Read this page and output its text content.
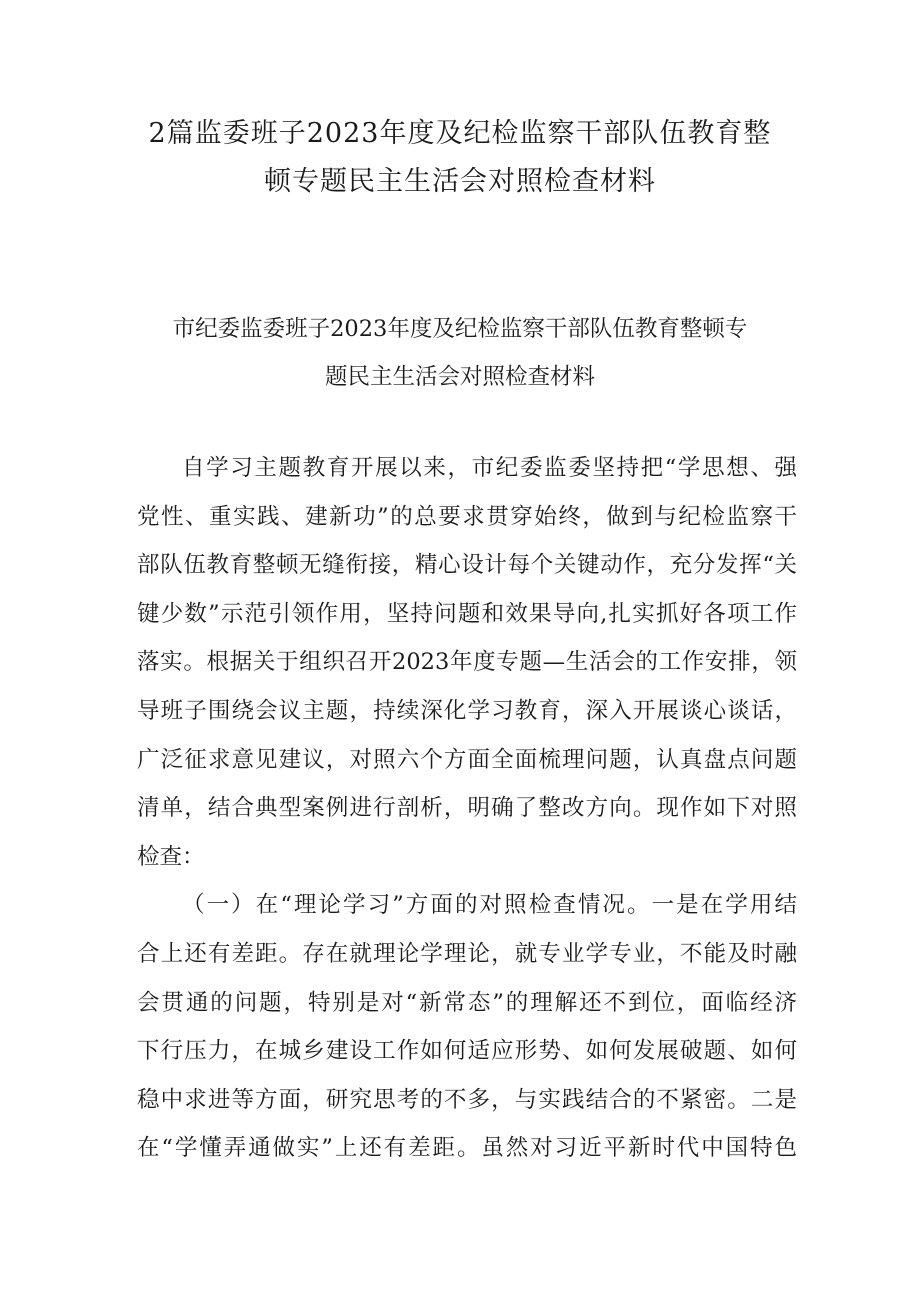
2篇监委班子2023年度及纪检监察干部队伍教育整
顿专题民主生活会对照检查材料
市纪委监委班子2023年度及纪检监察干部队伍教育整顿专
题民主生活会对照检查材料
自学习主题教育开展以来，市纪委监委坚持把“学思想、强
党性、重实践、建新功”的总要求贯穿始终，做到与纪检监察干
部队伍教育整顿无缝衔接，精心设计每个关键动作，充分发挥“关
键少数”示范引领作用，坚持问题和效果导向,扎实抓好各项工作
落实。根据关于组织召开2023年度专题—生活会的工作安排，领
导班子围绕会议主题，持续深化学习教育，深入开展谈心谈话，
广泛征求意见建议，对照六个方面全面梳理问题，认真盘点问题
清单，结合典型案例进行剖析，明确了整改方向。现作如下对照
检查：
（一）在“理论学习”方面的对照检查情况。一是在学用结
合上还有差距。存在就理论学理论，就专业学专业，不能及时融
会贯通的问题，特别是对“新常态”的理解还不到位，面临经济
下行压力，在城乡建设工作如何适应形势、如何发展破题、如何
稳中求进等方面，研究思考的不多，与实践结合的不紧密。二是
在“学懂弄通做实”上还有差距。虽然对习近平新时代中国特色
